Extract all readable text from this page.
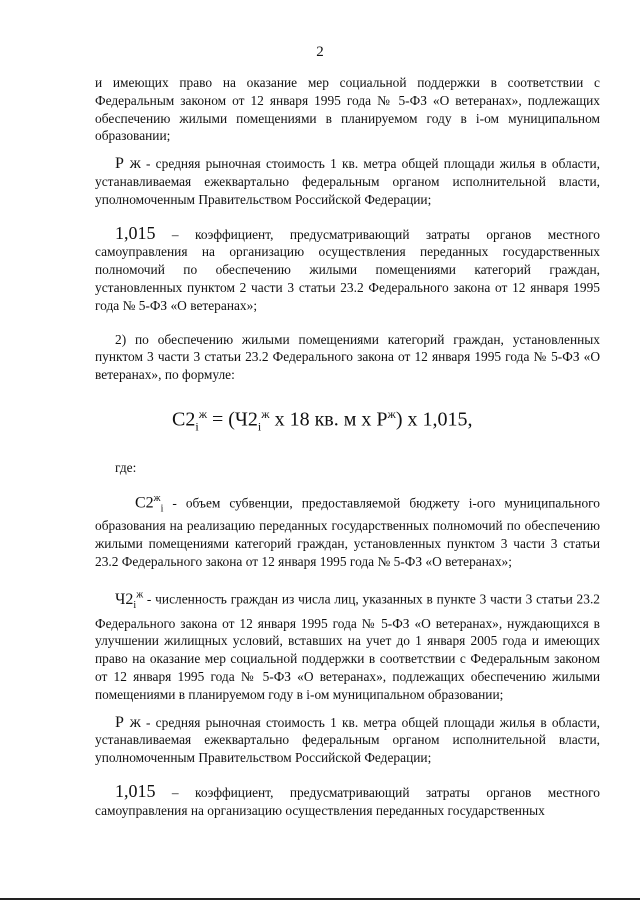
2

и имеющих право на оказание мер социальной поддержки в соответствии с Федеральным законом от 12 января 1995 года № 5-ФЗ «О ветеранах», подлежащих обеспечению жилыми помещениями в планируемом году в i-ом муниципальном образовании;

Р ж - средняя рыночная стоимость 1 кв. метра общей площади жилья в области, устанавливаемая ежеквартально федеральным органом исполнительной власти, уполномоченным Правительством Российской Федерации;

1,015 – коэффициент, предусматривающий затраты органов местного самоуправления на организацию осуществления переданных государственных полномочий по обеспечению жилыми помещениями категорий граждан, установленных пунктом 2 части 3 статьи 23.2 Федерального закона от 12 января 1995 года № 5-ФЗ «О ветеранах»;

2) по обеспечению жилыми помещениями категорий граждан, установленных пунктом 3 части 3 статьи 23.2 Федерального закона от 12 января 1995 года № 5-ФЗ «О ветеранах», по формуле:

$С2_i^ж = (Ч2_i^ж$ х 18 кв. м х $Р^ж$) х 1,015,

где:

$С2^ж_i$ - объем субвенции, предоставляемой бюджету i-ого муниципального образования на реализацию переданных государственных полномочий по обеспечению жилыми помещениями категорий граждан, установленных пунктом 3 части 3 статьи 23.2 Федерального закона от 12 января 1995 года № 5-ФЗ «О ветеранах»;

$Ч2_i^ж$ - численность граждан из числа лиц, указанных в пункте 3 части 3 статьи 23.2 Федерального закона от 12 января 1995 года № 5-ФЗ «О ветеранах», нуждающихся в улучшении жилищных условий, вставших на учет до 1 января 2005 года и имеющих право на оказание мер социальной поддержки в соответствии с Федеральным законом от 12 января 1995 года № 5-ФЗ «О ветеранах», подлежащих обеспечению жилыми помещениями в планируемом году в i-ом муниципальном образовании;

Р ж - средняя рыночная стоимость 1 кв. метра общей площади жилья в области, устанавливаемая ежеквартально федеральным органом исполнительной власти, уполномоченным Правительством Российской Федерации;

1,015 – коэффициент, предусматривающий затраты органов местного самоуправления на организацию осуществления переданных государственных
